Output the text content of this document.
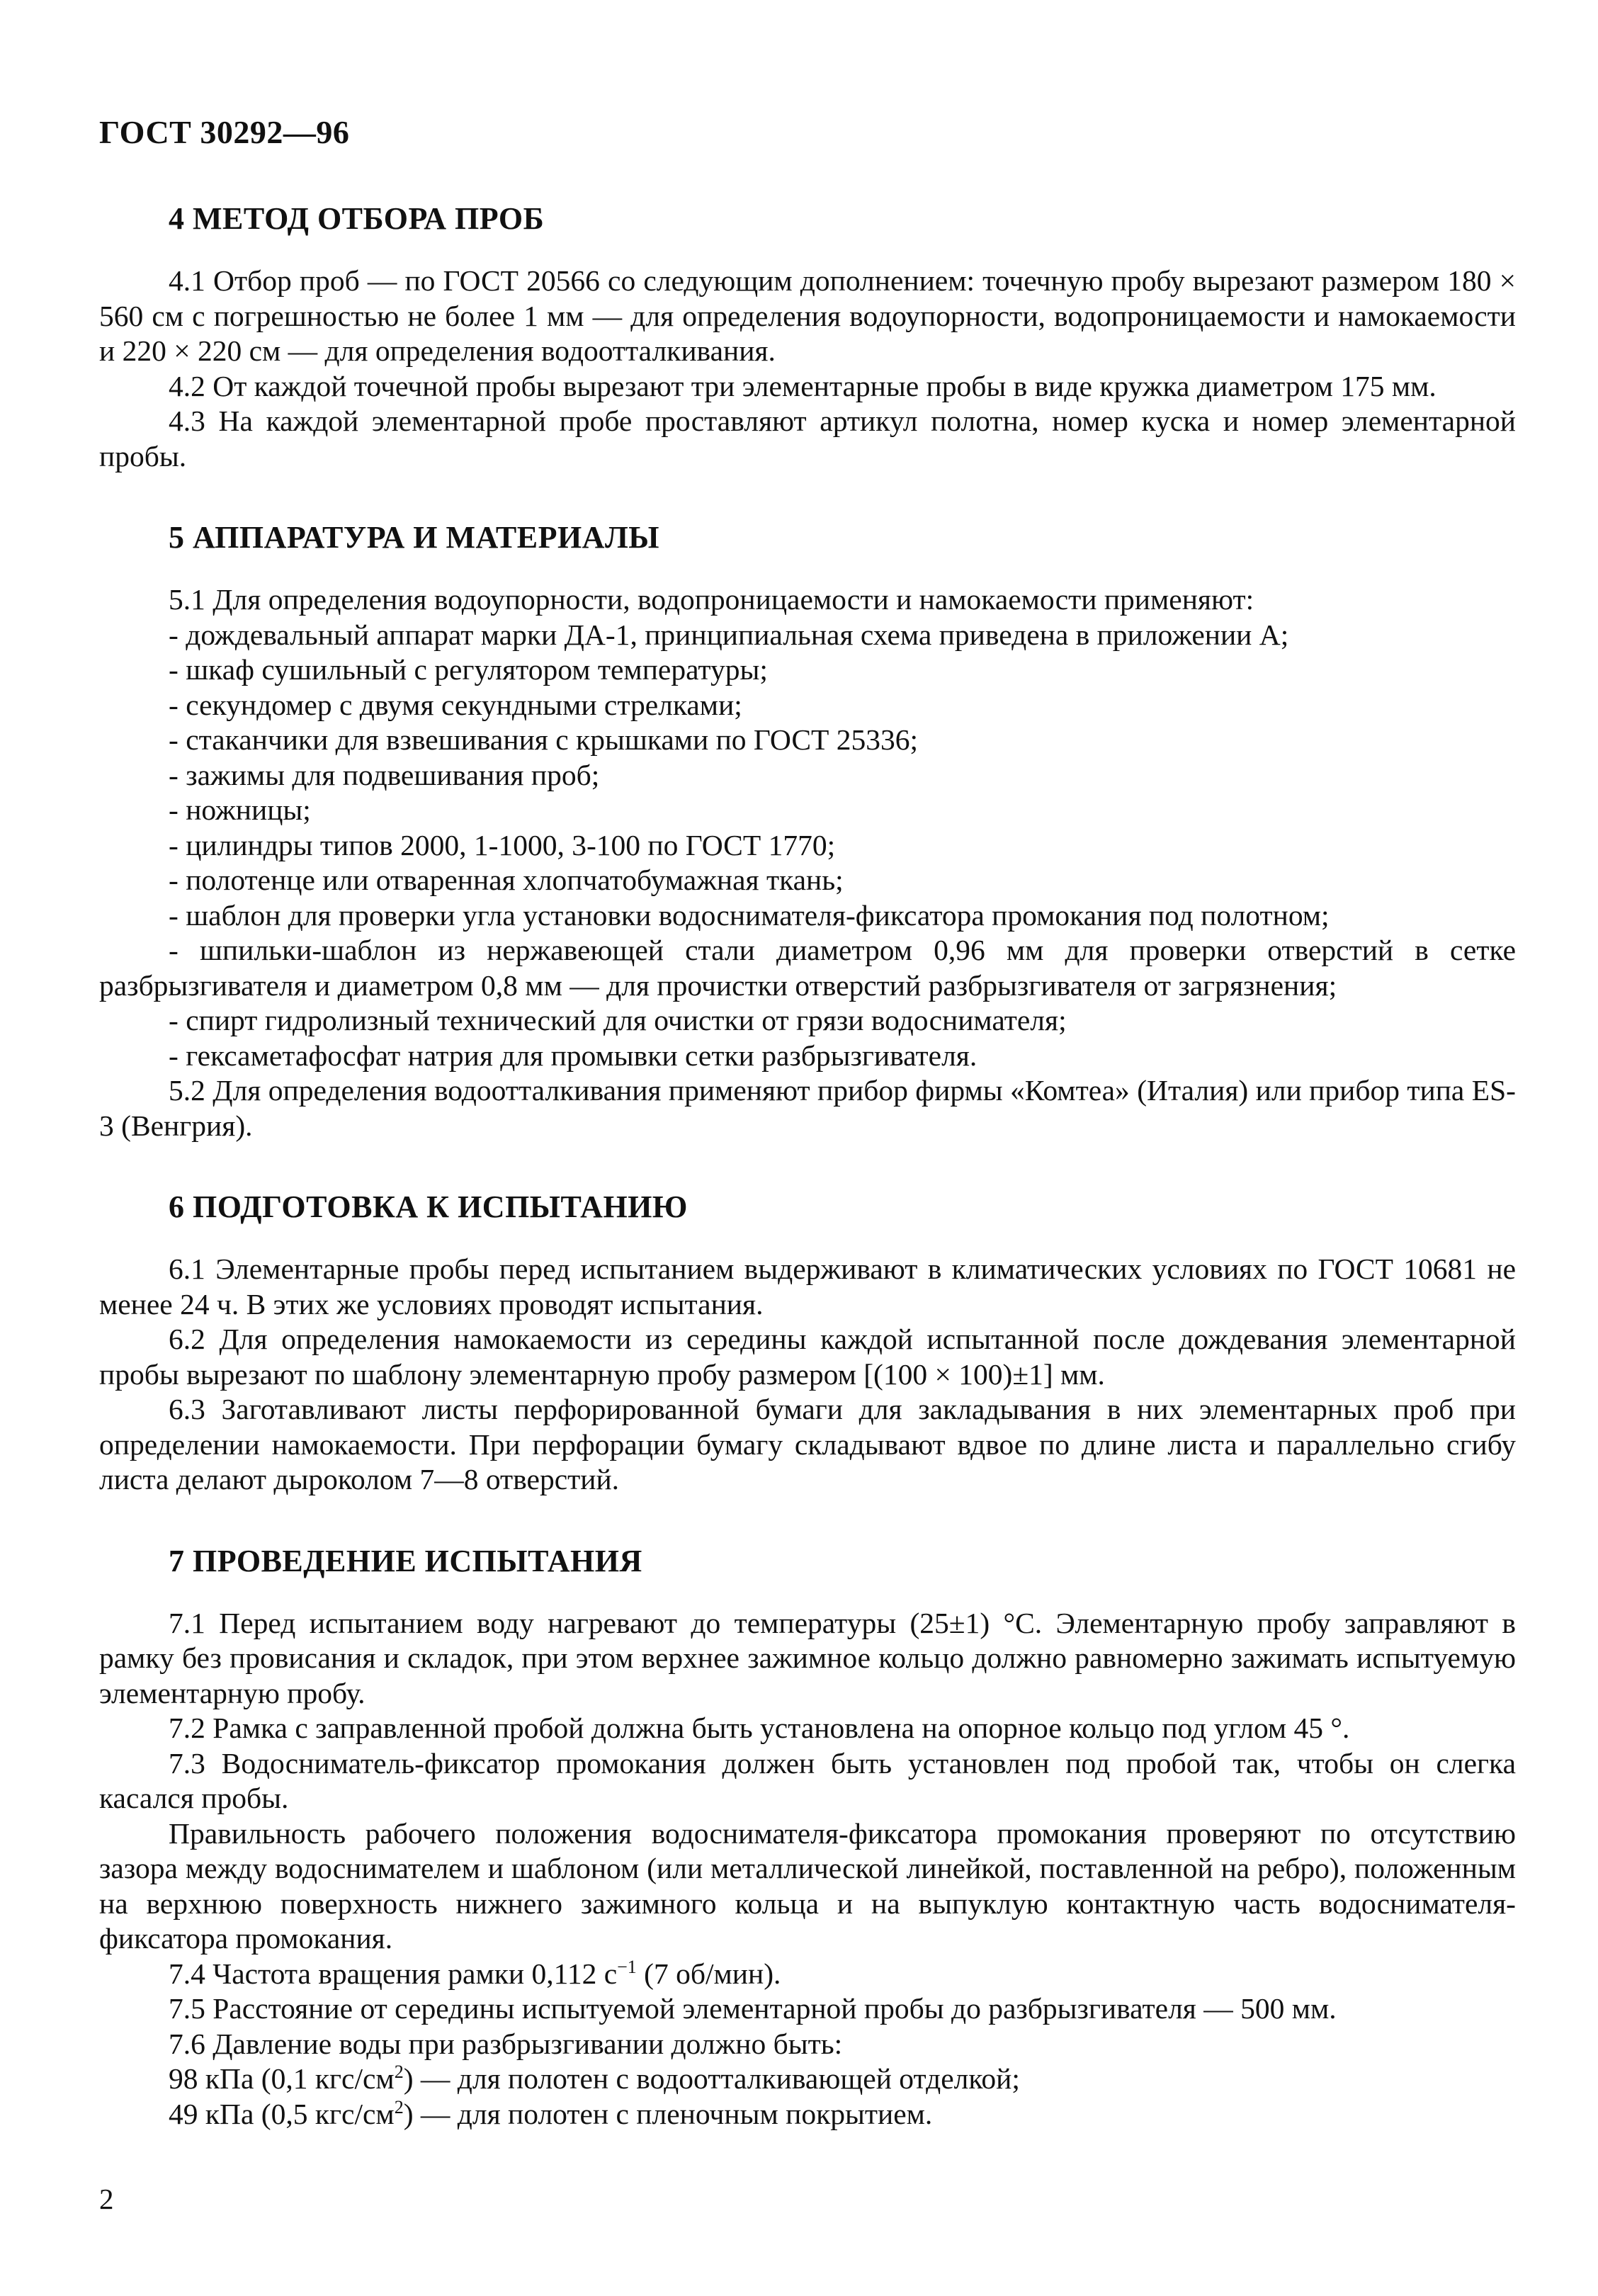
ГОСТ 30292—96
4 МЕТОД ОТБОРА ПРОБ

4.1 Отбор проб — по ГОСТ 20566 со следующим дополнением: точечную пробу вырезают размером 180 × 560 см с погрешностью не более 1 мм — для определения водоупорности, водопроницаемости и намокаемости и 220 × 220 см — для определения водоотталкивания.

4.2 От каждой точечной пробы вырезают три элементарные пробы в виде кружка диаметром 175 мм.

4.3 На каждой элементарной пробе проставляют артикул полотна, номер куска и номер элементарной пробы.

5 АППАРАТУРА И МАТЕРИАЛЫ

5.1 Для определения водоупорности, водопроницаемости и намокаемости применяют:

- дождевальный аппарат марки ДА-1, принципиальная схема приведена в приложении А;
- шкаф сушильный с регулятором температуры;
- секундомер с двумя секундными стрелками;
- стаканчики для взвешивания с крышками по ГОСТ 25336;
- зажимы для подвешивания проб;
- ножницы;
- цилиндры типов 2000, 1-1000, 3-100 по ГОСТ 1770;
- полотенце или отваренная хлопчатобумажная ткань;
- шаблон для проверки угла установки водоснимателя-фиксатора промокания под полотном;
- шпильки-шаблон из нержавеющей стали диаметром 0,96 мм для проверки отверстий в сетке разбрызгивателя и диаметром 0,8 мм — для прочистки отверстий разбрызгивателя от загрязнения;
- спирт гидролизный технический для очистки от грязи водоснимателя;
- гексаметафосфат натрия для промывки сетки разбрызгивателя.

5.2 Для определения водоотталкивания применяют прибор фирмы «Комтеа» (Италия) или прибор типа ES-3 (Венгрия).

6 ПОДГОТОВКА К ИСПЫТАНИЮ

6.1 Элементарные пробы перед испытанием выдерживают в климатических условиях по ГОСТ 10681 не менее 24 ч. В этих же условиях проводят испытания.

6.2 Для определения намокаемости из середины каждой испытанной после дождевания элементарной пробы вырезают по шаблону элементарную пробу размером [(100 × 100)±1] мм.

6.3 Заготавливают листы перфорированной бумаги для закладывания в них элементарных проб при определении намокаемости. При перфорации бумагу складывают вдвое по длине листа и параллельно сгибу листа делают дыроколом 7—8 отверстий.

7 ПРОВЕДЕНИЕ ИСПЫТАНИЯ

7.1 Перед испытанием воду нагревают до температуры (25±1) °С. Элементарную пробу заправляют в рамку без провисания и складок, при этом верхнее зажимное кольцо должно равномерно зажимать испытуемую элементарную пробу.

7.2 Рамка с заправленной пробой должна быть установлена на опорное кольцо под углом 45 °.

7.3 Водосниматель-фиксатор промокания должен быть установлен под пробой так, чтобы он слегка касался пробы.

Правильность рабочего положения водоснимателя-фиксатора промокания проверяют по отсутствию зазора между водоснимателем и шаблоном (или металлической линейкой, поставленной на ребро), положенным на верхнюю поверхность нижнего зажимного кольца и на выпуклую контактную часть водоснимателя-фиксатора промокания.

7.4 Частота вращения рамки 0,112 $с^{-1}$ (7 об/мин).

7.5 Расстояние от середины испытуемой элементарной пробы до разбрызгивателя — 500 мм.

7.6 Давление воды при разбрызгивании должно быть:

98 кПа (0,1 кгс/$см^2$) — для полотен с водоотталкивающей отделкой;

49 кПа (0,5 кгс/$см^2$) — для полотен с пленочным покрытием.

2
